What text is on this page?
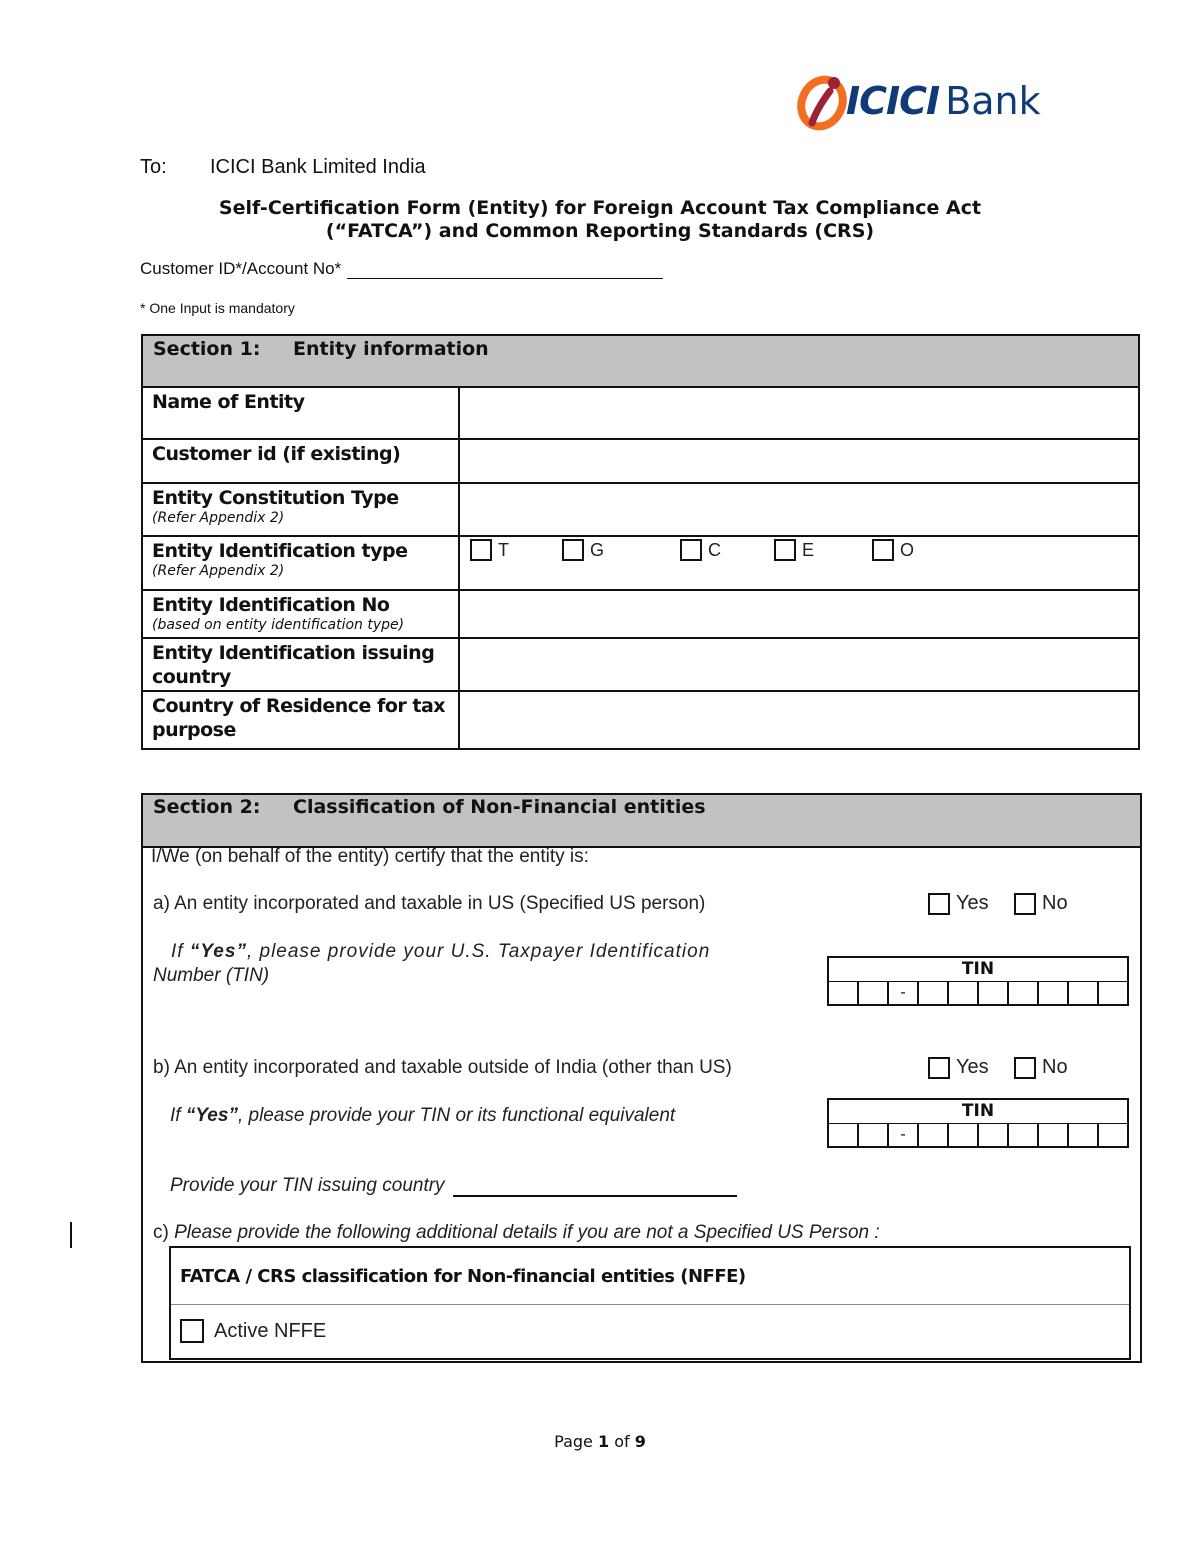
ICICI Bank
To: ICICI Bank Limited India
Self-Certification Form (Entity) for Foreign Account Tax Compliance Act
(“FATCA”) and Common Reporting Standards (CRS)
Customer ID*/Account No*
* One Input is mandatory
Section 1: Entity information
Name of Entity
Customer id (if existing)
Entity Constitution Type
(Refer Appendix 2)
Entity Identification type
(Refer Appendix 2)
T	G	C	E	O
Entity Identification No
(based on entity identification type)
Entity Identification issuing country
Country of Residence for tax purpose
Section 2: Classification of Non-Financial entities
I/We (on behalf of the entity) certify that the entity is:
a) An entity incorporated and taxable in US (Specified US person)	Yes	No
If “Yes”, please provide your U.S. Taxpayer Identification
Number (TIN)	TIN
-
b) An entity incorporated and taxable outside of India (other than US)	Yes	No
If “Yes”, please provide your TIN or its functional equivalent	TIN
-
Provide your TIN issuing country
c) Please provide the following additional details if you are not a Specified US Person :
FATCA / CRS classification for Non-financial entities (NFFE)
Active NFFE
Page 1 of 9
